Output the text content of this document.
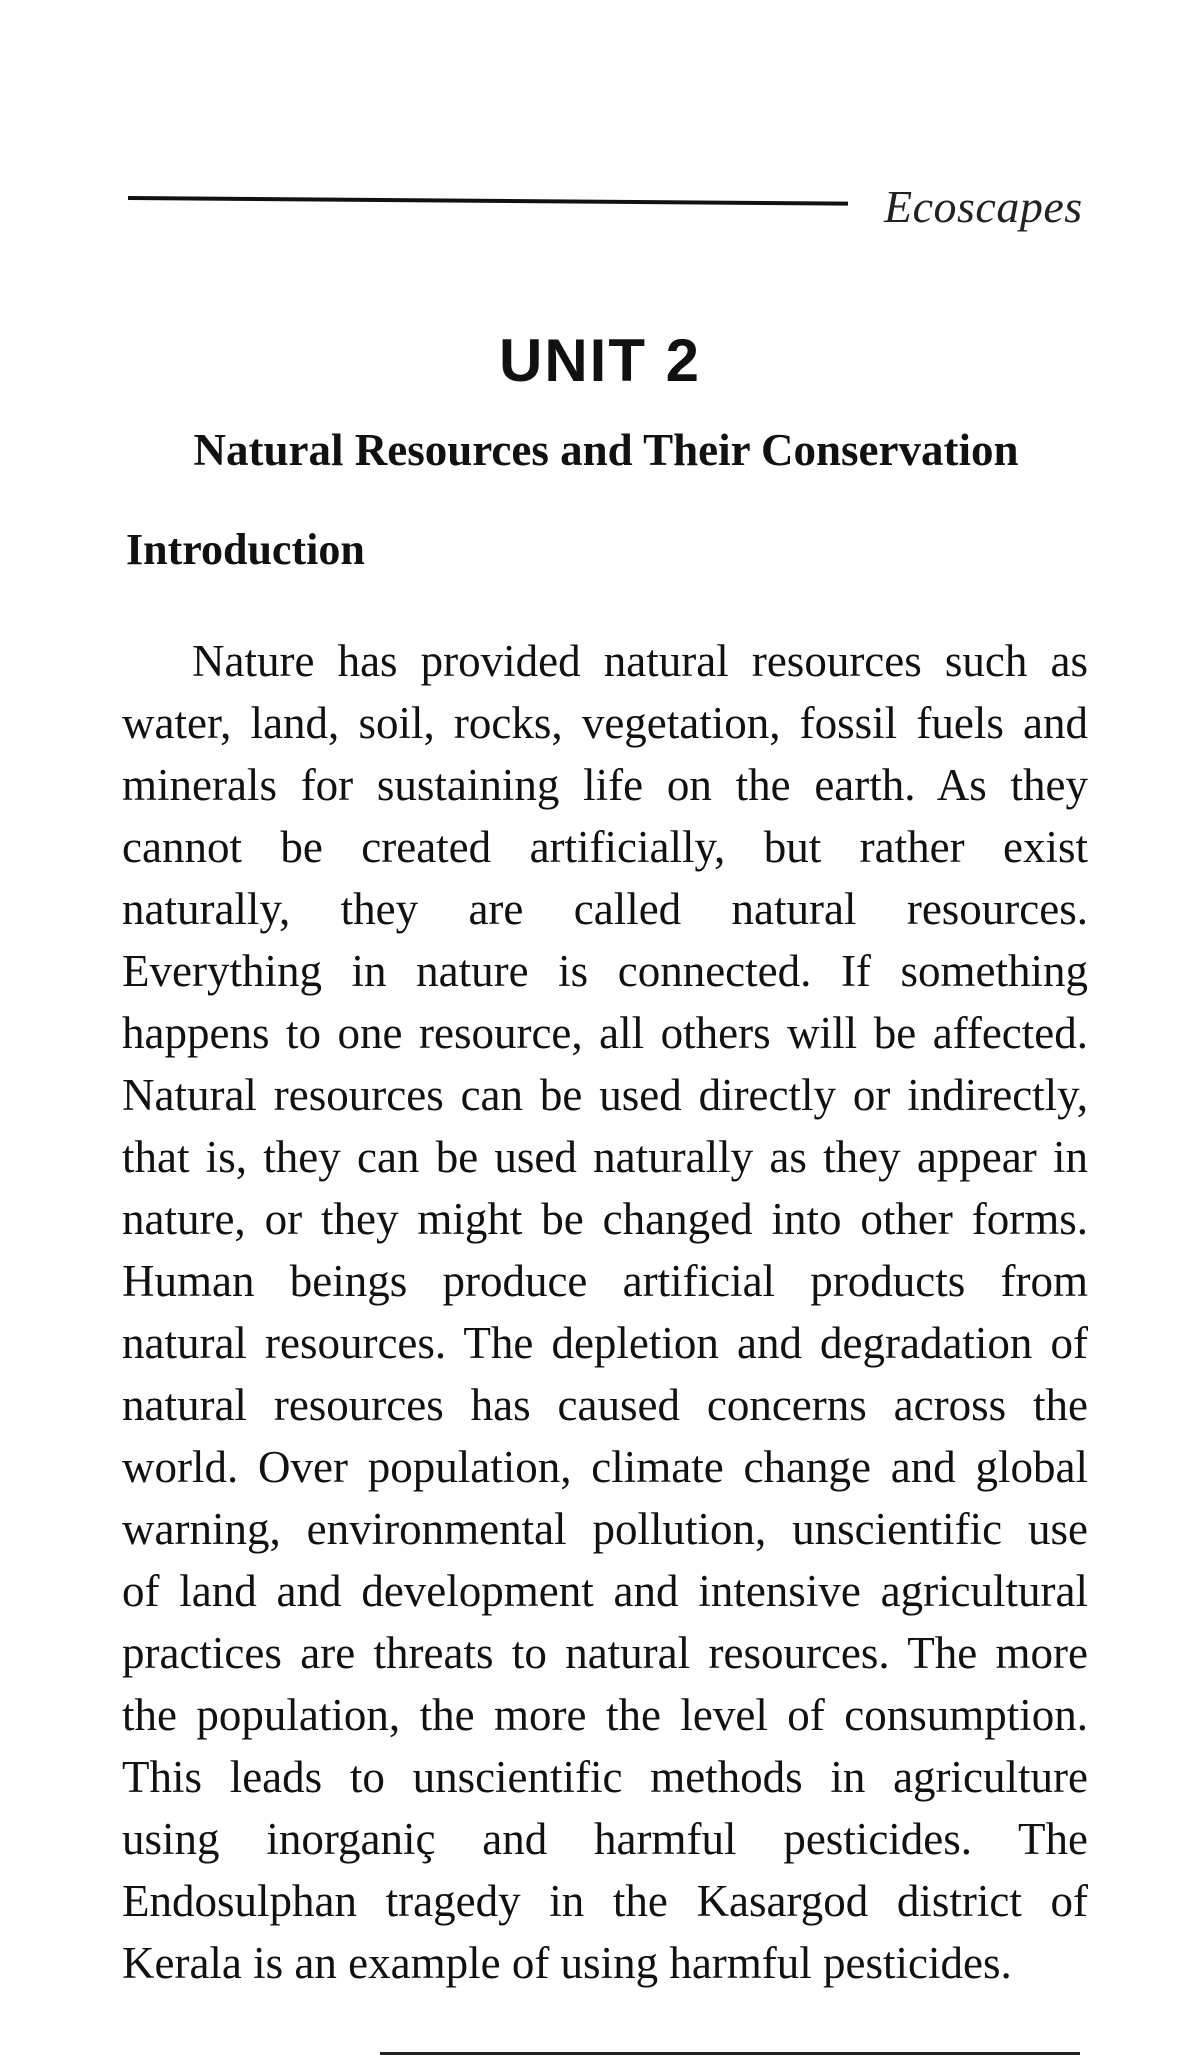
Ecoscapes
UNIT 2
Natural Resources and Their Conservation
Introduction
Nature has provided natural resources such as
water, land, soil, rocks, vegetation, fossil fuels and
minerals for sustaining life on the earth. As they
cannot be created artificially, but rather exist
naturally, they are called natural resources.
Everything in nature is connected. If something
happens to one resource, all others will be affected.
Natural resources can be used directly or indirectly,
that is, they can be used naturally as they appear in
nature, or they might be changed into other forms.
Human beings produce artificial products from
natural resources. The depletion and degradation of
natural resources has caused concerns across the
world. Over population, climate change and global
warning, environmental pollution, unscientific use
of land and development and intensive agricultural
practices are threats to natural resources. The more
the population, the more the level of consumption.
This leads to unscientific methods in agriculture
using inorganiç and harmful pesticides. The
Endosulphan tragedy in the Kasargod district of
Kerala is an example of using harmful pesticides.
